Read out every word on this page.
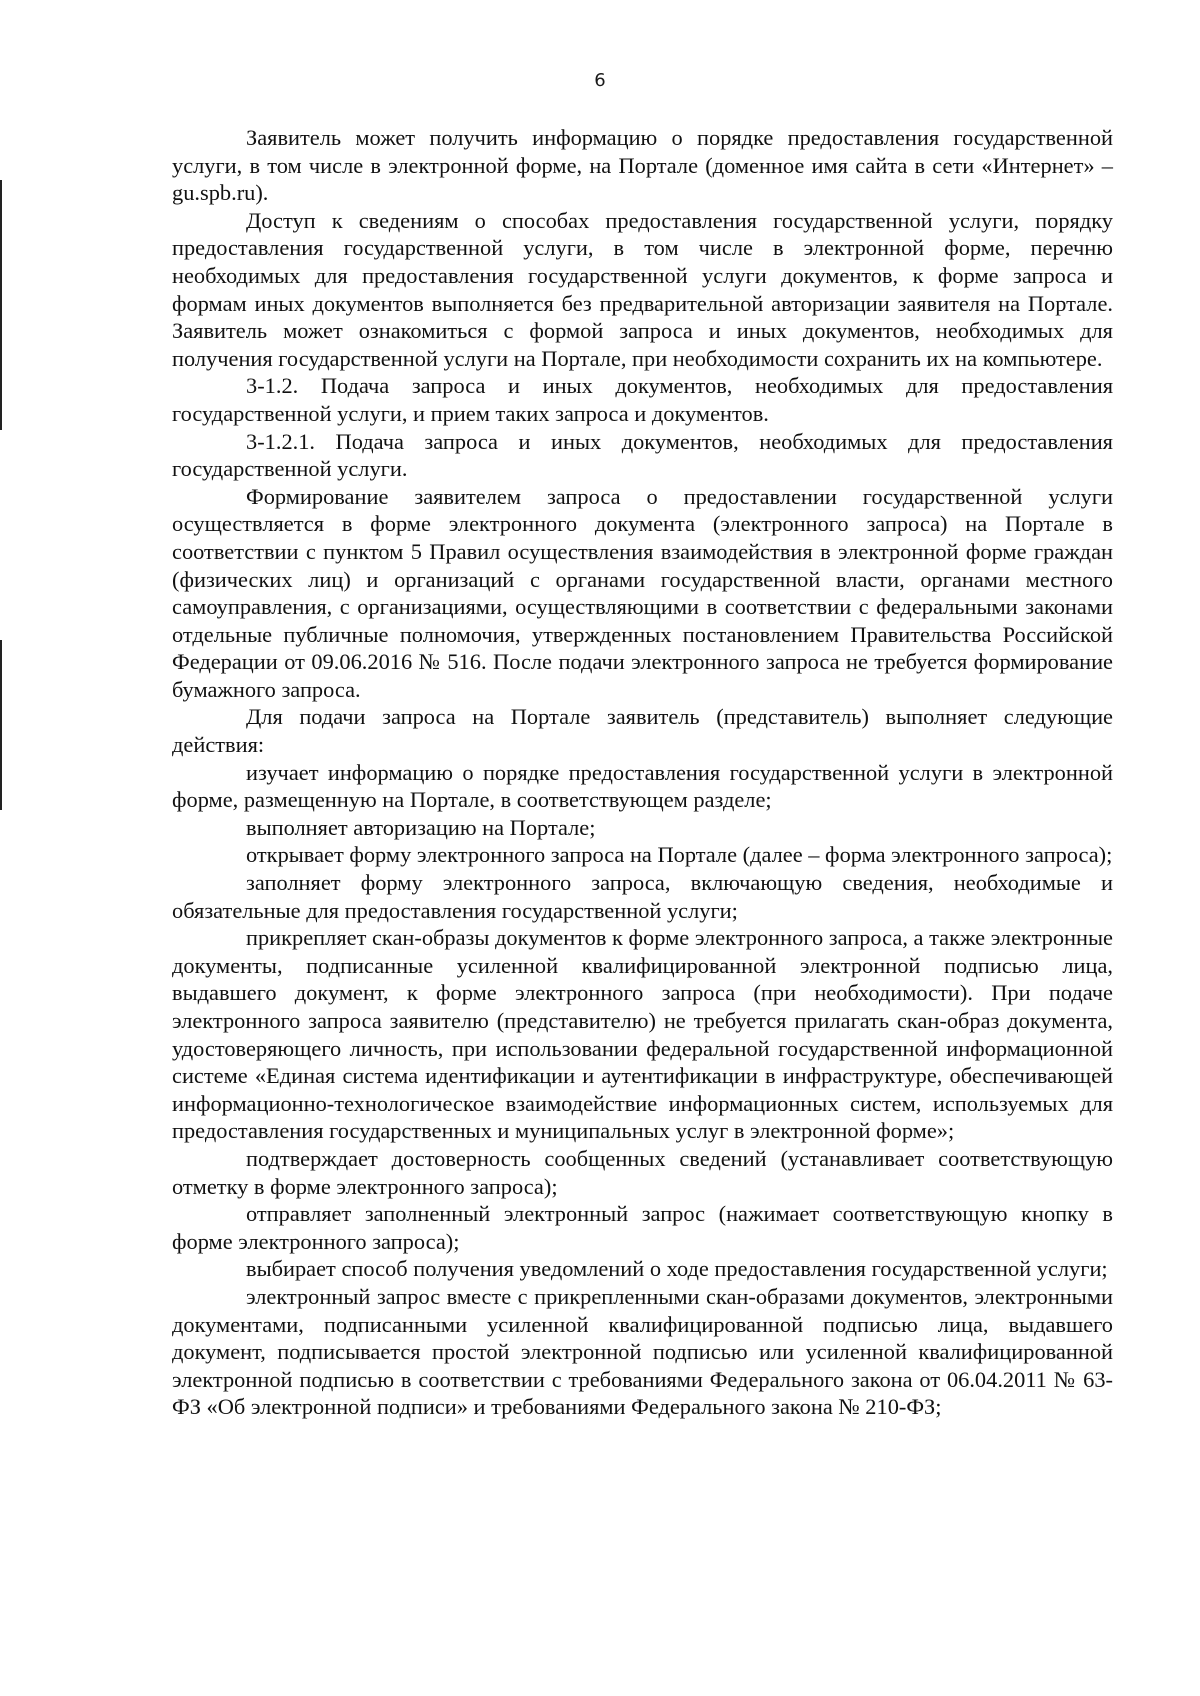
6

Заявитель может получить информацию о порядке предоставления государственной услуги, в том числе в электронной форме, на Портале (доменное имя сайта в сети «Интернет» – gu.spb.ru).

Доступ к сведениям о способах предоставления государственной услуги, порядку предоставления государственной услуги, в том числе в электронной форме, перечню необходимых для предоставления государственной услуги документов, к форме запроса и формам иных документов выполняется без предварительной авторизации заявителя на Портале. Заявитель может ознакомиться с формой запроса и иных документов, необходимых для получения государственной услуги на Портале, при необходимости сохранить их на компьютере.

3-1.2. Подача запроса и иных документов, необходимых для предоставления государственной услуги, и прием таких запроса и документов.

3-1.2.1. Подача запроса и иных документов, необходимых для предоставления государственной услуги.

Формирование заявителем запроса о предоставлении государственной услуги осуществляется в форме электронного документа (электронного запроса) на Портале в соответствии с пунктом 5 Правил осуществления взаимодействия в электронной форме граждан (физических лиц) и организаций с органами государственной власти, органами местного самоуправления, с организациями, осуществляющими в соответствии с федеральными законами отдельные публичные полномочия, утвержденных постановлением Правительства Российской Федерации от 09.06.2016 № 516. После подачи электронного запроса не требуется формирование бумажного запроса.

Для подачи запроса на Портале заявитель (представитель) выполняет следующие действия:

изучает информацию о порядке предоставления государственной услуги в электронной форме, размещенную на Портале, в соответствующем разделе;

выполняет авторизацию на Портале;

открывает форму электронного запроса на Портале (далее – форма электронного запроса);

заполняет форму электронного запроса, включающую сведения, необходимые и обязательные для предоставления государственной услуги;

прикрепляет скан-образы документов к форме электронного запроса, а также электронные документы, подписанные усиленной квалифицированной электронной подписью лица, выдавшего документ, к форме электронного запроса (при необходимости). При подаче электронного запроса заявителю (представителю) не требуется прилагать скан-образ документа, удостоверяющего личность, при использовании федеральной государственной информационной системе «Единая система идентификации и аутентификации в инфраструктуре, обеспечивающей информационно-технологическое взаимодействие информационных систем, используемых для предоставления государственных и муниципальных услуг в электронной форме»;

подтверждает достоверность сообщенных сведений (устанавливает соответствующую отметку в форме электронного запроса);

отправляет заполненный электронный запрос (нажимает соответствующую кнопку в форме электронного запроса);

выбирает способ получения уведомлений о ходе предоставления государственной услуги;

электронный запрос вместе с прикрепленными скан-образами документов, электронными документами, подписанными усиленной квалифицированной подписью лица, выдавшего документ, подписывается простой электронной подписью или усиленной квалифицированной электронной подписью в соответствии с требованиями Федерального закона от 06.04.2011 № 63-ФЗ «Об электронной подписи» и требованиями Федерального закона № 210-ФЗ;
